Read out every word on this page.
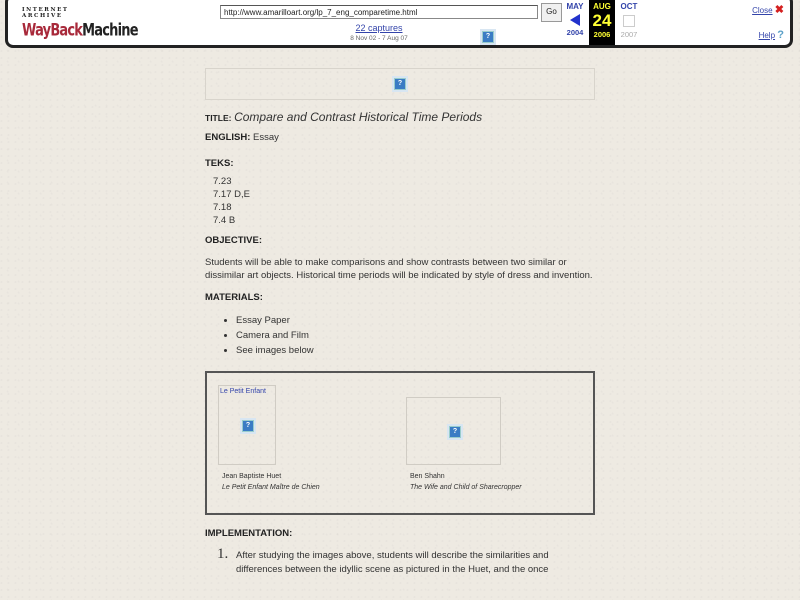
INTERNET ARCHIVE
WayBackMachine
http://www.amarilloart.org/lp_7_eng_comparetime.html	Go
22 captures
8 Nov 02 - 7 Aug 07	?
MAY
2004
AUG
24
2006
OCT
2007
Close ✖
Help ?
?
TITLE: Compare and Contrast Historical Time Periods
ENGLISH: Essay
TEKS:
7.23
7.17 D,E
7.18
7.4 B
OBJECTIVE:
Students will be able to make comparisons and show contrasts between two similar or dissimilar art objects. Historical time periods will be indicated by style of dress and invention.
MATERIALS:
• Essay Paper
• Camera and Film
• See images below
Le Petit Enfant
?
Jean Baptiste Huet
Le Petit Enfant Maître de Chien
?
Ben Shahn
The Wife and Child of Sharecropper
IMPLEMENTATION:
1. After studying the images above, students will describe the similarities and differences between the idyllic scene as pictured in the Huet, and the once
